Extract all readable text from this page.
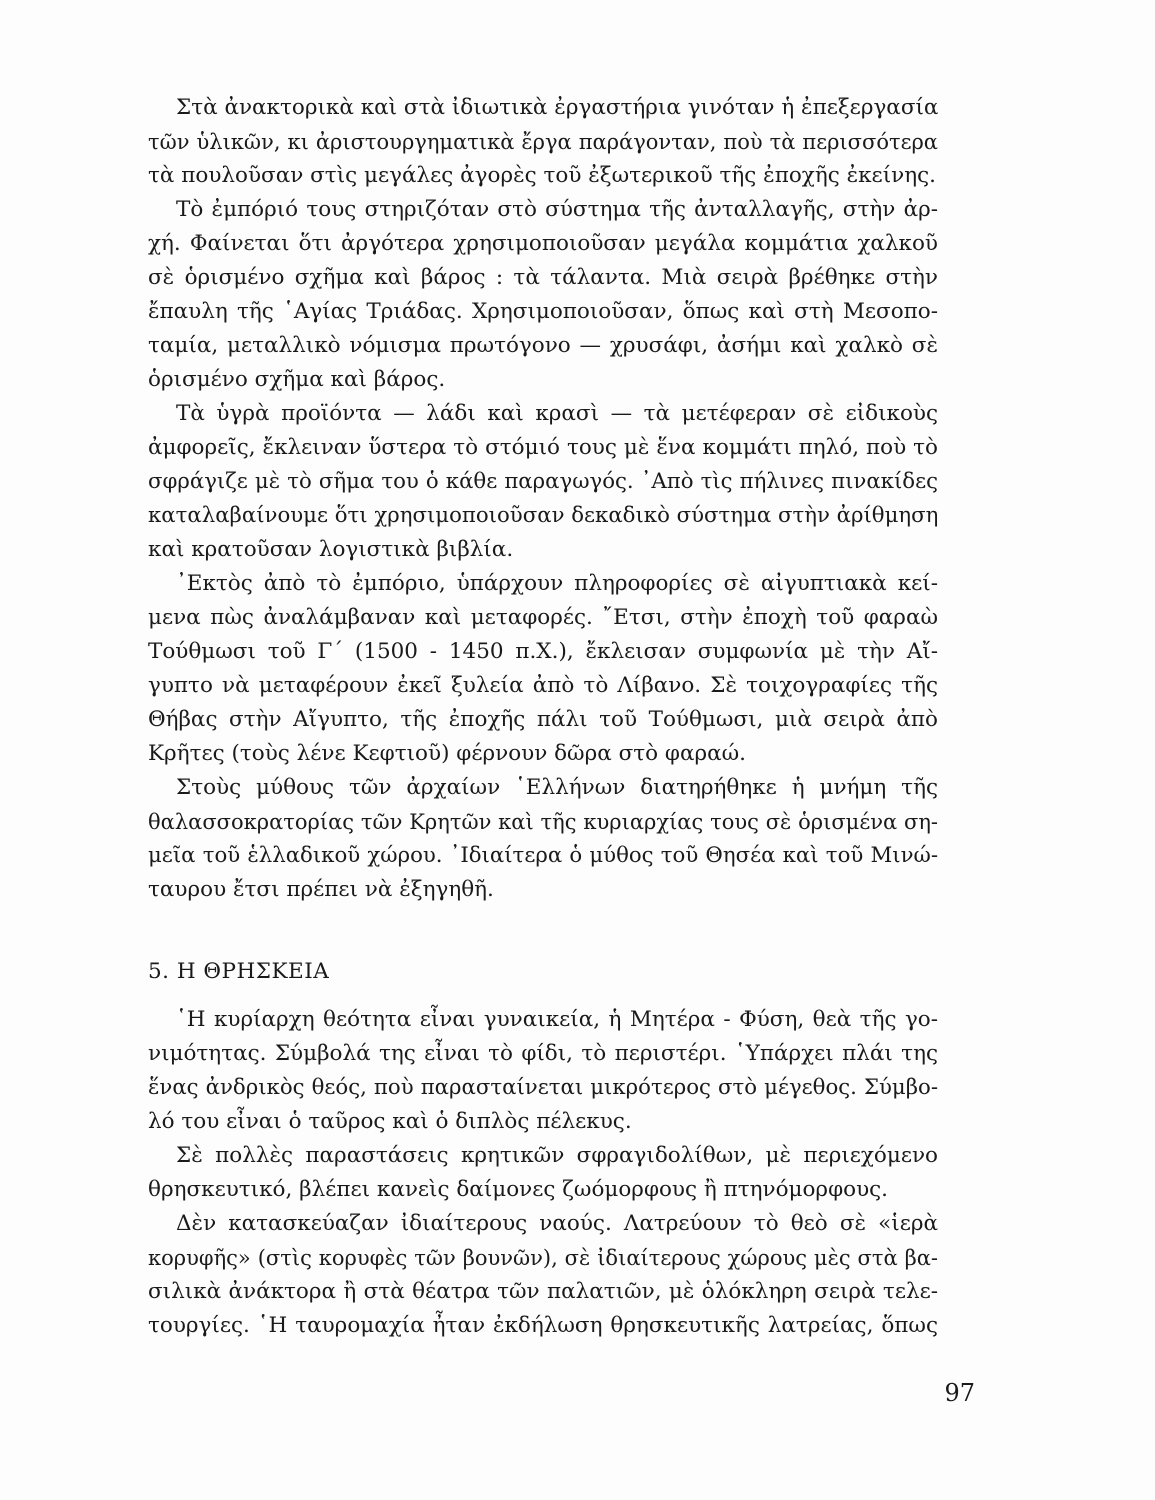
Στὰ ἀνακτορικὰ καὶ στὰ ἰδιωτικὰ ἐργαστήρια γινόταν ἡ ἐπεξεργασία
τῶν ὑλικῶν, κι ἀριστουργηματικὰ ἔργα παράγονταν, ποὺ τὰ περισσότερα
τὰ πουλοῦσαν στὶς μεγάλες ἀγορὲς τοῦ ἐξωτερικοῦ τῆς ἐποχῆς ἐκείνης.
Τὸ ἐμπόριό τους στηριζόταν στὸ σύστημα τῆς ἀνταλλαγῆς, στὴν ἀρ-
χή. Φαίνεται ὅτι ἀργότερα χρησιμοποιοῦσαν μεγάλα κομμάτια χαλκοῦ
σὲ ὁρισμένο σχῆμα καὶ βάρος : τὰ τάλαντα. Μιὰ σειρὰ βρέθηκε στὴν
ἔπαυλη τῆς ῾Αγίας Τριάδας. Χρησιμοποιοῦσαν, ὅπως καὶ στὴ Μεσοπο-
ταμία, μεταλλικὸ νόμισμα πρωτόγονο — χρυσάφι, ἀσήμι καὶ χαλκὸ σὲ
ὁρισμένο σχῆμα καὶ βάρος.
Τὰ ὑγρὰ προϊόντα — λάδι καὶ κρασὶ — τὰ μετέφεραν σὲ εἰδικοὺς
ἀμφορεῖς, ἔκλειναν ὕστερα τὸ στόμιό τους μὲ ἕνα κομμάτι πηλό, ποὺ τὸ
σφράγιζε μὲ τὸ σῆμα του ὁ κάθε παραγωγός. ᾿Απὸ τὶς πήλινες πινακίδες
καταλαβαίνουμε ὅτι χρησιμοποιοῦσαν δεκαδικὸ σύστημα στὴν ἀρίθμηση
καὶ κρατοῦσαν λογιστικὰ βιβλία.
᾿Εκτὸς ἀπὸ τὸ ἐμπόριο, ὑπάρχουν πληροφορίες σὲ αἰγυπτιακὰ κεί-
μενα πὼς ἀναλάμβαναν καὶ μεταφορές. ῎Ετσι, στὴν ἐποχὴ τοῦ φαραὼ
Τούθμωσι τοῦ Γ΄ (1500 - 1450 π.Χ.), ἔκλεισαν συμφωνία μὲ τὴν Αἴ-
γυπτο νὰ μεταφέρουν ἐκεῖ ξυλεία ἀπὸ τὸ Λίβανο. Σὲ τοιχογραφίες τῆς
Θήβας στὴν Αἴγυπτο, τῆς ἐποχῆς πάλι τοῦ Τούθμωσι, μιὰ σειρὰ ἀπὸ
Κρῆτες (τοὺς λένε Κεφτιοῦ) φέρνουν δῶρα στὸ φαραώ.
Στοὺς μύθους τῶν ἀρχαίων ῾Ελλήνων διατηρήθηκε ἡ μνήμη τῆς
θαλασσοκρατορίας τῶν Κρητῶν καὶ τῆς κυριαρχίας τους σὲ ὁρισμένα ση-
μεῖα τοῦ ἑλλαδικοῦ χώρου. ᾿Ιδιαίτερα ὁ μύθος τοῦ Θησέα καὶ τοῦ Μινώ-
ταυρου ἔτσι πρέπει νὰ ἐξηγηθῆ.
5. Η ΘΡΗΣΚΕΙΑ
῾Η κυρίαρχη θεότητα εἶναι γυναικεία, ἡ Μητέρα - Φύση, θεὰ τῆς γο-
νιμότητας. Σύμβολά της εἶναι τὸ φίδι, τὸ περιστέρι. ῾Υπάρχει πλάι της
ἕνας ἀνδρικὸς θεός, ποὺ παρασταίνεται μικρότερος στὸ μέγεθος. Σύμβο-
λό του εἶναι ὁ ταῦρος καὶ ὁ διπλὸς πέλεκυς.
Σὲ πολλὲς παραστάσεις κρητικῶν σφραγιδολίθων, μὲ περιεχόμενο
θρησκευτικό, βλέπει κανεὶς δαίμονες ζωόμορφους ἢ πτηνόμορφους.
Δὲν κατασκεύαζαν ἰδιαίτερους ναούς. Λατρεύουν τὸ θεὸ σὲ «ἱερὰ
κορυφῆς» (στὶς κορυφὲς τῶν βουνῶν), σὲ ἰδιαίτερους χώρους μὲς στὰ βα-
σιλικὰ ἀνάκτορα ἢ στὰ θέατρα τῶν παλατιῶν, μὲ ὁλόκληρη σειρὰ τελε-
τουργίες. ῾Η ταυρομαχία ἦταν ἐκδήλωση θρησκευτικῆς λατρείας, ὅπως
97
